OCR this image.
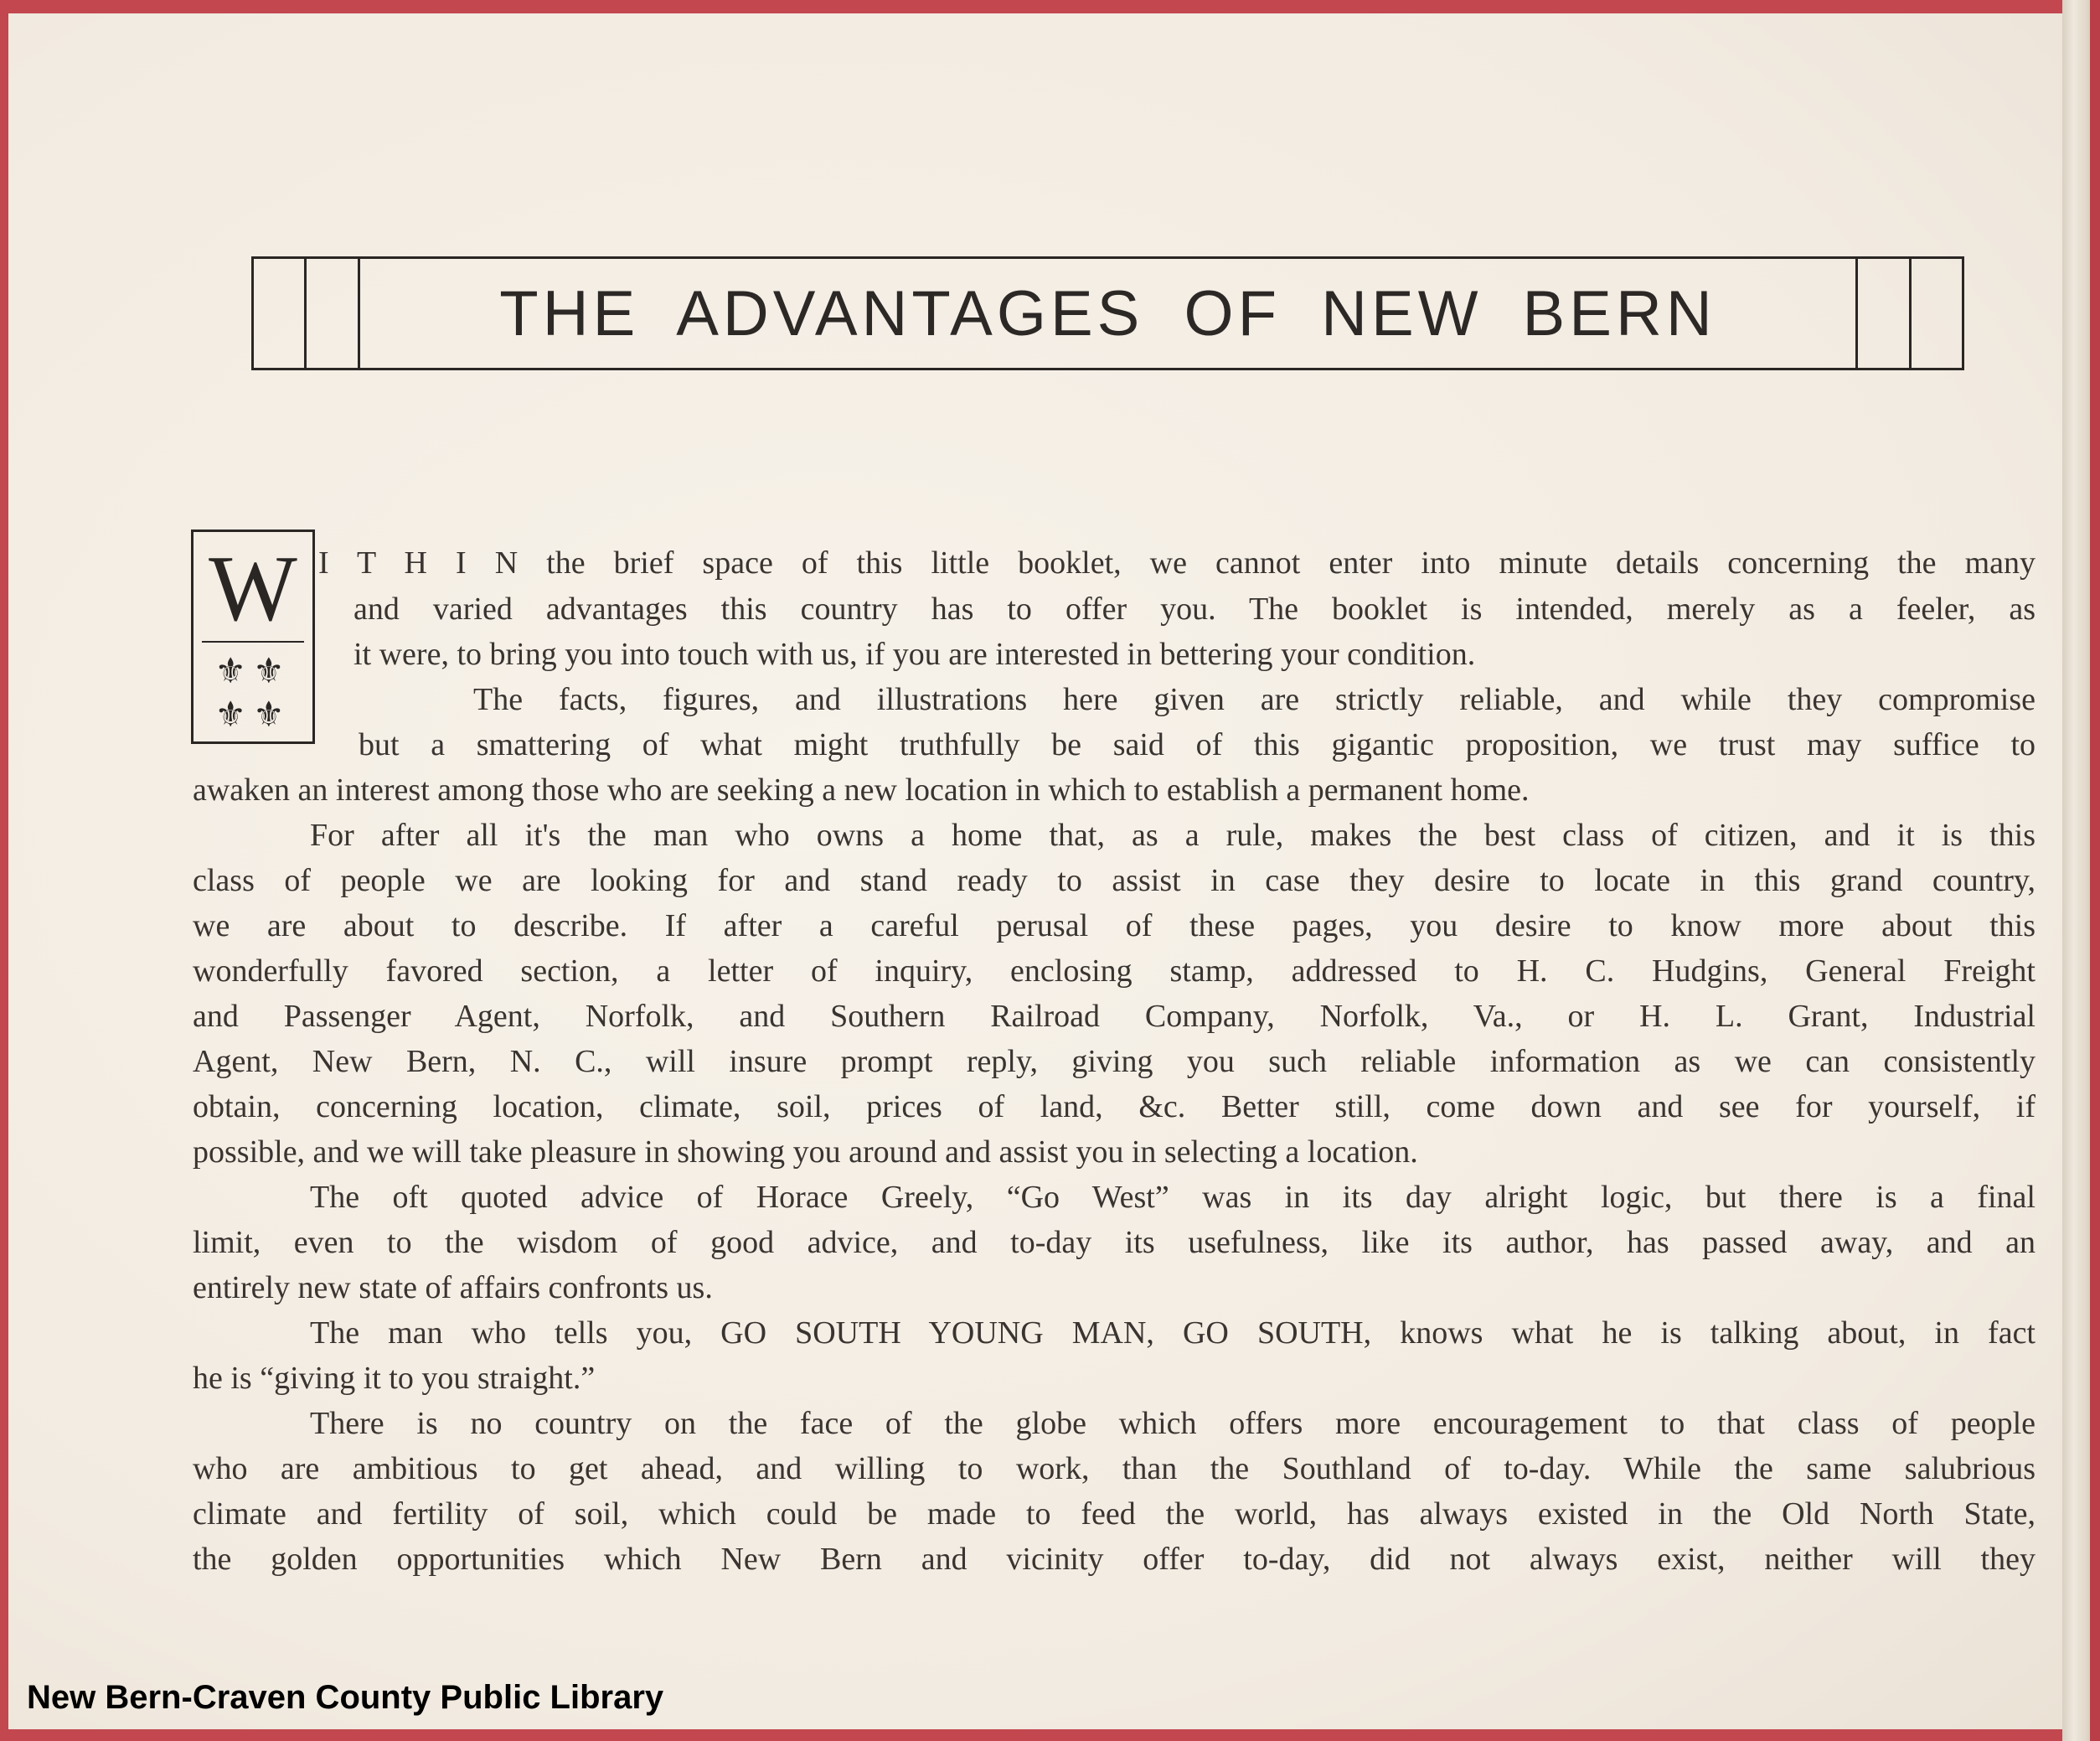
THE ADVANTAGES OF NEW BERN
W
⚜⚜
⚜⚜
I T H I N the brief space of this little booklet, we cannot enter into minute details concerning the many
and varied advantages this country has to offer you. The booklet is intended, merely as a feeler, as
it were, to bring you into touch with us, if you are interested in bettering your condition.
The facts, figures, and illustrations here given are strictly reliable, and while they compromise
but a smattering of what might truthfully be said of this gigantic proposition, we trust may suffice to
awaken an interest among those who are seeking a new location in which to establish a permanent home.
For after all it's the man who owns a home that, as a rule, makes the best class of citizen, and it is this
class of people we are looking for and stand ready to assist in case they desire to locate in this grand country,
we are about to describe. If after a careful perusal of these pages, you desire to know more about this
wonderfully favored section, a letter of inquiry, enclosing stamp, addressed to H. C. Hudgins, General Freight
and Passenger Agent, Norfolk, and Southern Railroad Company, Norfolk, Va., or H. L. Grant, Industrial
Agent, New Bern, N. C., will insure prompt reply, giving you such reliable information as we can consistently
obtain, concerning location, climate, soil, prices of land, &c. Better still, come down and see for yourself, if
possible, and we will take pleasure in showing you around and assist you in selecting a location.
The oft quoted advice of Horace Greely, “Go West” was in its day alright logic, but there is a final
limit, even to the wisdom of good advice, and to-day its usefulness, like its author, has passed away, and an
entirely new state of affairs confronts us.
The man who tells you, GO SOUTH YOUNG MAN, GO SOUTH, knows what he is talking about, in fact
he is “giving it to you straight.”
There is no country on the face of the globe which offers more encouragement to that class of people
who are ambitious to get ahead, and willing to work, than the Southland of to-day. While the same salubrious
climate and fertility of soil, which could be made to feed the world, has always existed in the Old North State,
the golden opportunities which New Bern and vicinity offer to-day, did not always exist, neither will they
New Bern-Craven County Public Library
